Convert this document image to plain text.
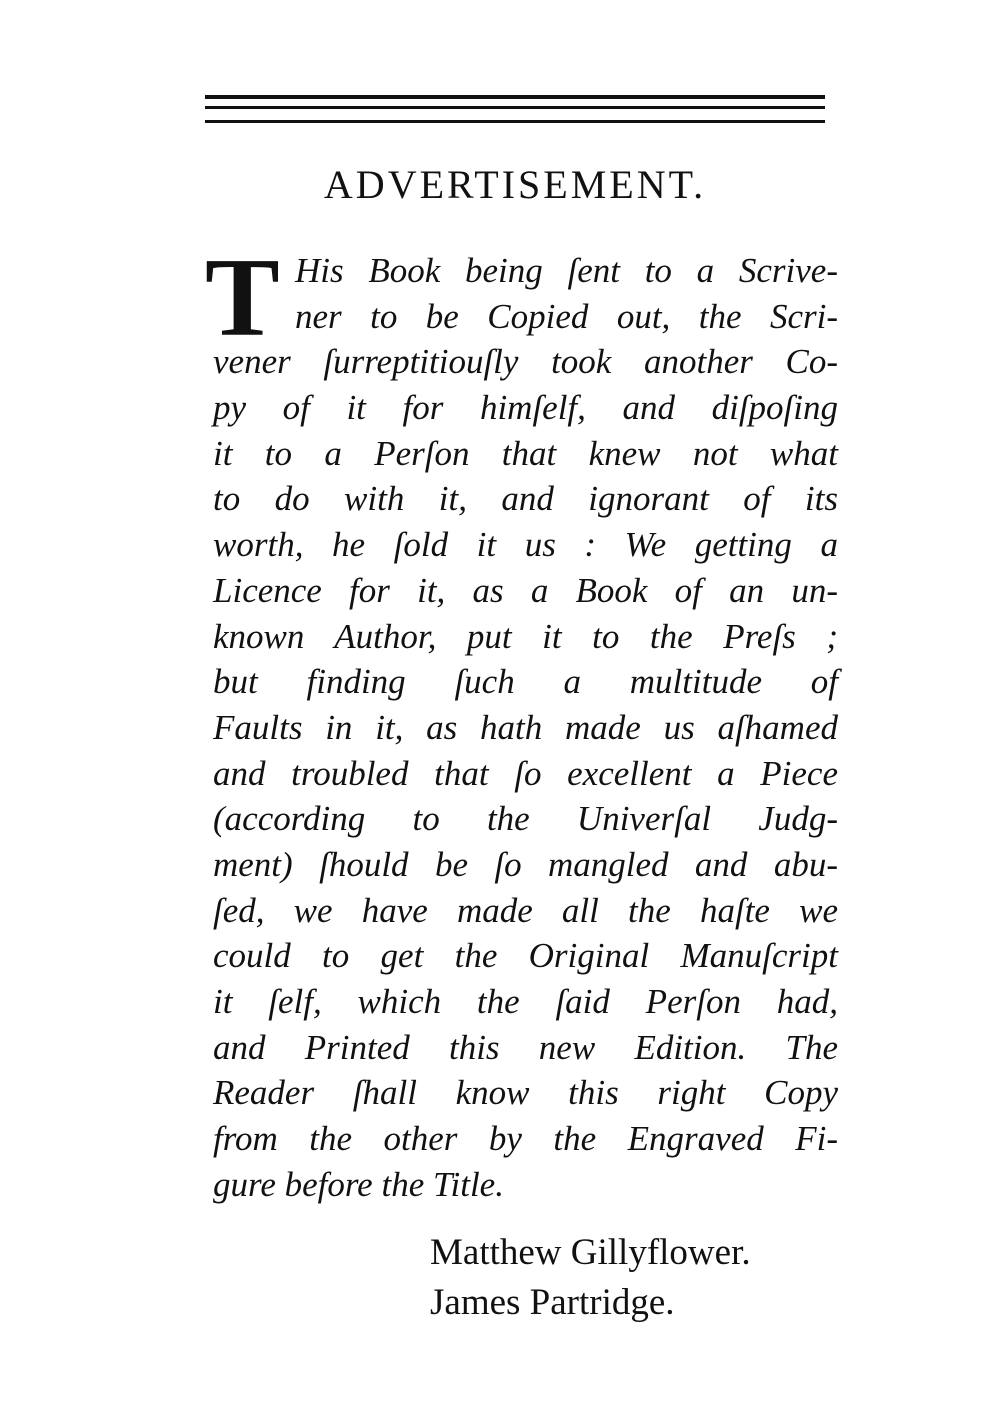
ADVERTISEMENT.
T His Book being ſent to a Scrive-
ner to be Copied out, the Scri-
vener ſurreptitiouſly took another Co-
py of it for himſelf, and diſpoſing
it to a Perſon that knew not what
to do with it, and ignorant of its
worth, he ſold it us : We getting a
Licence for it, as a Book of an un-
known Author, put it to the Preſs ;
but finding ſuch a multitude of
Faults in it, as hath made us aſhamed
and troubled that ſo excellent a Piece
(according to the Univerſal Judg-
ment) ſhould be ſo mangled and abu-
ſed, we have made all the haſte we
could to get the Original Manuſcript
it ſelf, which the ſaid Perſon had,
and Printed this new Edition. The
Reader ſhall know this right Copy
from the other by the Engraved Fi-
gure before the Title.
Matthew Gillyflower.
James Partridge.
